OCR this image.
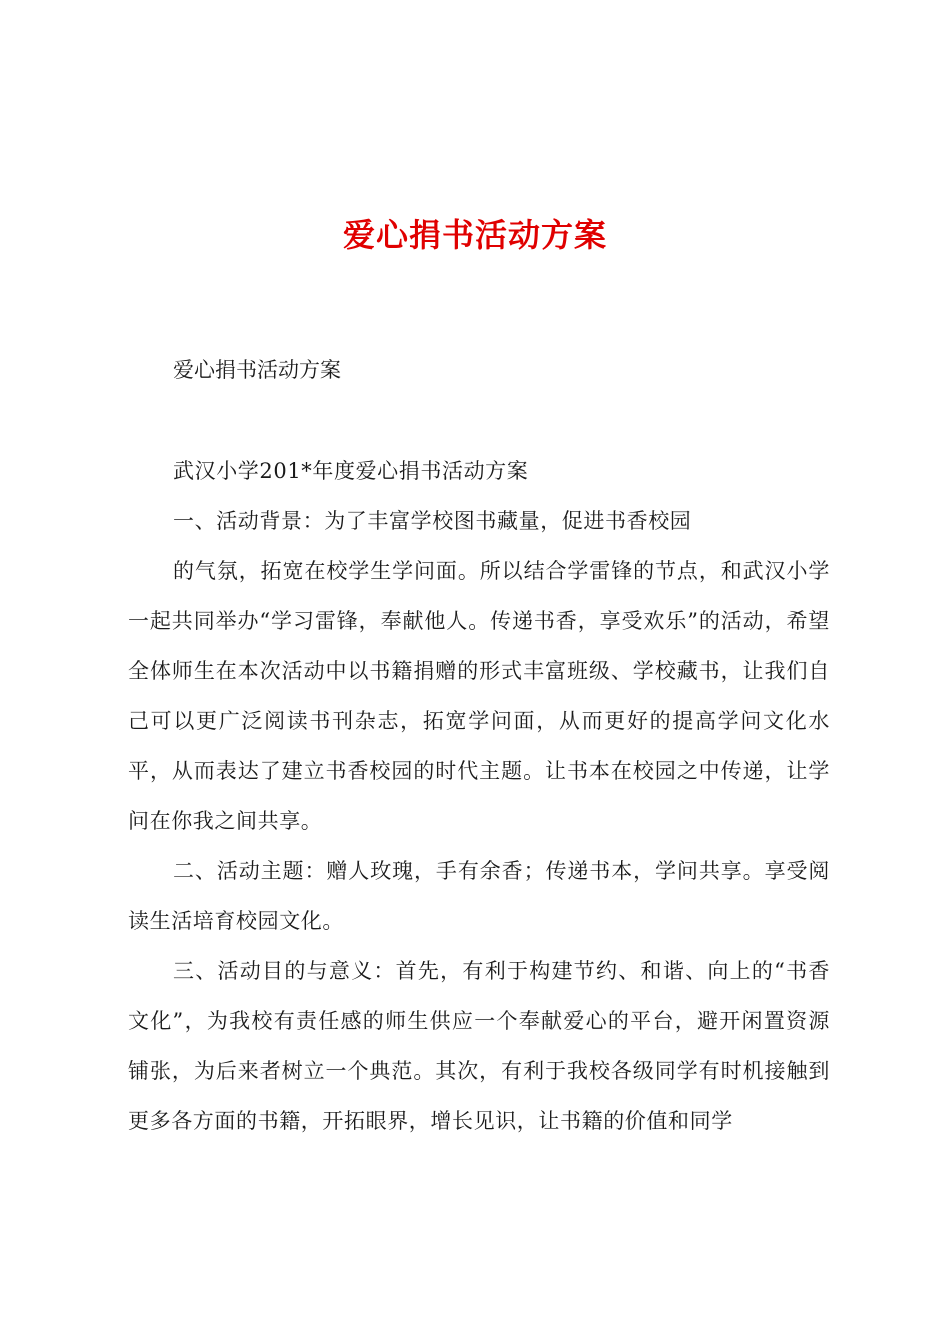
爱心捐书活动方案

爱心捐书活动方案

武汉小学201*年度爱心捐书活动方案

一、活动背景：为了丰富学校图书藏量，促进书香校园

的气氛，拓宽在校学生学问面。所以结合学雷锋的节点，和武汉小学一起共同举办“学习雷锋，奉献他人。传递书香，享受欢乐”的活动，希望全体师生在本次活动中以书籍捐赠的形式丰富班级、学校藏书，让我们自己可以更广泛阅读书刊杂志，拓宽学问面，从而更好的提高学问文化水平，从而表达了建立书香校园的时代主题。让书本在校园之中传递，让学问在你我之间共享。

二、活动主题：赠人玫瑰，手有余香；传递书本，学问共享。享受阅读生活培育校园文化。

三、活动目的与意义：首先，有利于构建节约、和谐、向上的“书香文化”，为我校有责任感的师生供应一个奉献爱心的平台，避开闲置资源铺张，为后来者树立一个典范。其次，有利于我校各级同学有时机接触到更多各方面的书籍，开拓眼界，增长见识，让书籍的价值和同学
